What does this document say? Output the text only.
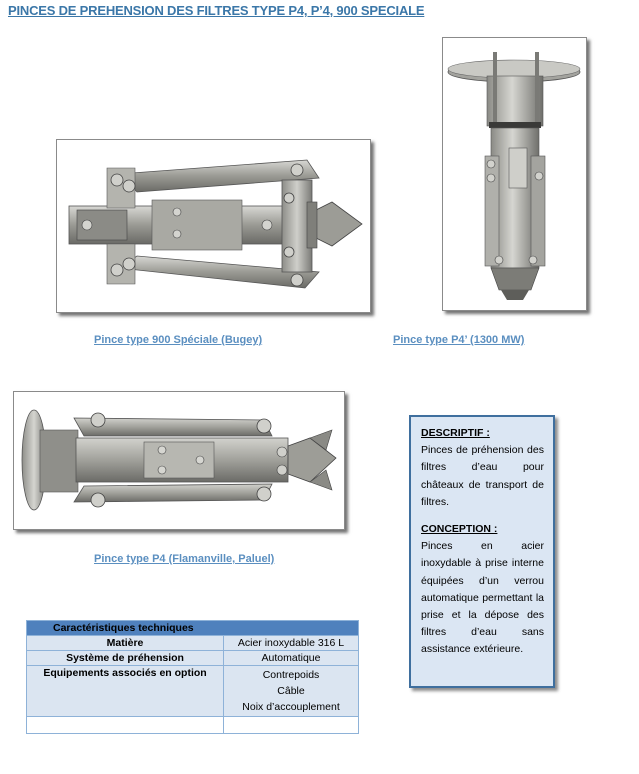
PINCES DE PREHENSION DES FILTRES TYPE P4, P’4, 900 SPECIALE
Pince type 900 Spéciale (Bugey)	Pince type P4’ (1300 MW)
Pince type P4 (Flamanville, Paluel)
DESCRIPTIF :
Pinces de préhension des filtres d’eau pour châteaux de transport de filtres.
CONCEPTION :
Pinces en acier inoxydable à prise interne équipées d’un verrou automatique permettant la prise et la dépose des filtres d’eau sans assistance extérieure.
Caractéristiques techniques	
Matière	Acier inoxydable 316 L
Système de préhension	Automatique
Equipements associés en option	Contrepoids
Câble
Noix d’accouplement
